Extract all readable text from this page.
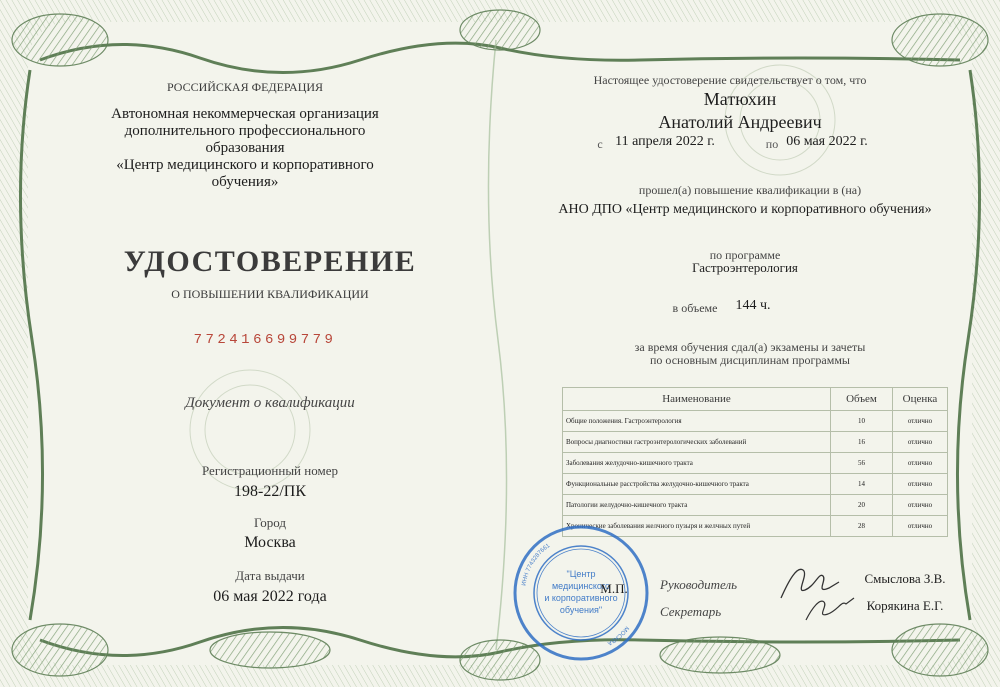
РОССИЙСКАЯ ФЕДЕРАЦИЯ
Автономная некоммерческая организация
дополнительного профессионального
образования
«Центр медицинского и корпоративного
обучения»
УДОСТОВЕРЕНИЕ
О ПОВЫШЕНИИ КВАЛИФИКАЦИИ
772416699779
Документ о квалификации
Регистрационный номер
198-22/ПК
Город
Москва
Дата выдачи
06 мая 2022 года
Настоящее удостоверение свидетельствует о том, что
Матюхин
Анатолий Андреевич
с 11 апреля 2022 г.	по 06 мая 2022 г.
прошел(а) повышение квалификации в (на)
АНО ДПО «Центр медицинского и корпоративного обучения»
по программе
Гастроэнтерология
в объеме	144 ч.
за время обучения сдал(а) экзамены и зачеты
по основным дисциплинам программы
Наименование	Объем	Оценка
Общие положения. Гастроэнтерология	10	отлично
Вопросы диагностики гастроэнтерологических заболеваний	16	отлично
Заболевания желудочно-кишечного тракта	56	отлично
Функциональные расстройства желудочно-кишечного тракта	14	отлично
Патологии желудочно-кишечного тракта	20	отлично
Хронические заболевания желчного пузыря и желчных путей	28	отлично
ИНН 7743287661
МОСКВА
"Центр
медицинского
и корпоративного
обучения"
М.П.	Руководитель
Секретарь
Смыслова З.В.
Корякина Е.Г.
